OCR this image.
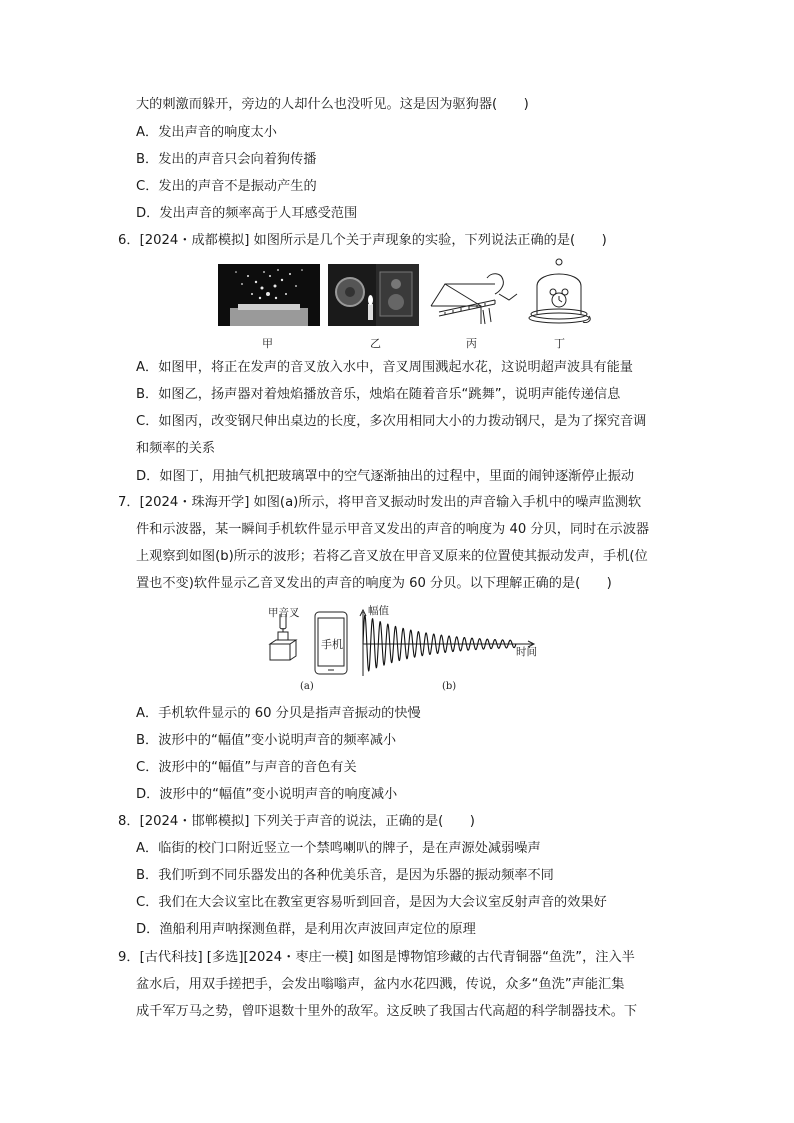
大的刺激而躲开，旁边的人却什么也没听见。这是因为驱狗器(　　)
A．发出声音的响度太小
B．发出的声音只会向着狗传播
C．发出的声音不是振动产生的
D．发出声音的频率高于人耳感受范围
6．[2024・成都模拟] 如图所示是几个关于声现象的实验，下列说法正确的是(　　)
甲	乙	丙	丁
A．如图甲，将正在发声的音叉放入水中，音叉周围溅起水花，这说明超声波具有能量
B．如图乙，扬声器对着烛焰播放音乐，烛焰在随着音乐“跳舞”，说明声能传递信息
C．如图丙，改变钢尺伸出桌边的长度，多次用相同大小的力拨动钢尺，是为了探究音调
和频率的关系
D．如图丁，用抽气机把玻璃罩中的空气逐渐抽出的过程中，里面的闹钟逐渐停止振动
7．[2024・珠海开学] 如图(a)所示，将甲音叉振动时发出的声音输入手机中的噪声监测软
件和示波器，某一瞬间手机软件显示甲音叉发出的声音的响度为 40 分贝，同时在示波器
上观察到如图(b)所示的波形；若将乙音叉放在甲音叉原来的位置使其振动发声，手机(位
置也不变)软件显示乙音叉发出的声音的响度为 60 分贝。以下理解正确的是(　　)
甲音叉
手机
幅值
时间
(a)	(b)
A．手机软件显示的 60 分贝是指声音振动的快慢
B．波形中的“幅值”变小说明声音的频率减小
C．波形中的“幅值”与声音的音色有关
D．波形中的“幅值”变小说明声音的响度减小
8．[2024・邯郸模拟] 下列关于声音的说法，正确的是(　　)
A．临街的校门口附近竖立一个禁鸣喇叭的牌子，是在声源处减弱噪声
B．我们听到不同乐器发出的各种优美乐音，是因为乐器的振动频率不同
C．我们在大会议室比在教室更容易听到回音，是因为大会议室反射声音的效果好
D．渔船利用声呐探测鱼群，是利用次声波回声定位的原理
9．[古代科技] [多选][2024・枣庄一模] 如图是博物馆珍藏的古代青铜器“鱼洗”，注入半
盆水后，用双手搓把手，会发出嗡嗡声，盆内水花四溅，传说，众多“鱼洗”声能汇集
成千军万马之势，曾吓退数十里外的敌军。这反映了我国古代高超的科学制器技术。下
